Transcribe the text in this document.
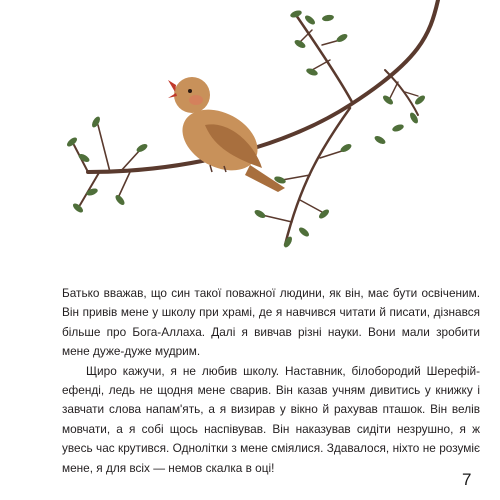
Батько вважав, що син такої поважної людини, як він, має бути освіченим. Він привів мене у школу при храмі, де я навчився читати й писати, дізнався більше про Бога-Аллаха. Далі я вивчав різні науки. Вони мали зробити мене дуже-дуже мудрим.

Щиро кажучи, я не любив школу. Наставник, білобородий Шерефій-ефенді, ледь не щодня мене сварив. Він казав учням дивитись у книжку і завчати слова напам'ять, а я визирав у вікно й рахував пташок. Він велів мовчати, а я собі щось наспівував. Він наказував сидіти незрушно, я ж увесь час крутився. Однолітки з мене сміялися. Здавалося, ніхто не розуміє мене, я для всіх — немов скалка в оці!

7
